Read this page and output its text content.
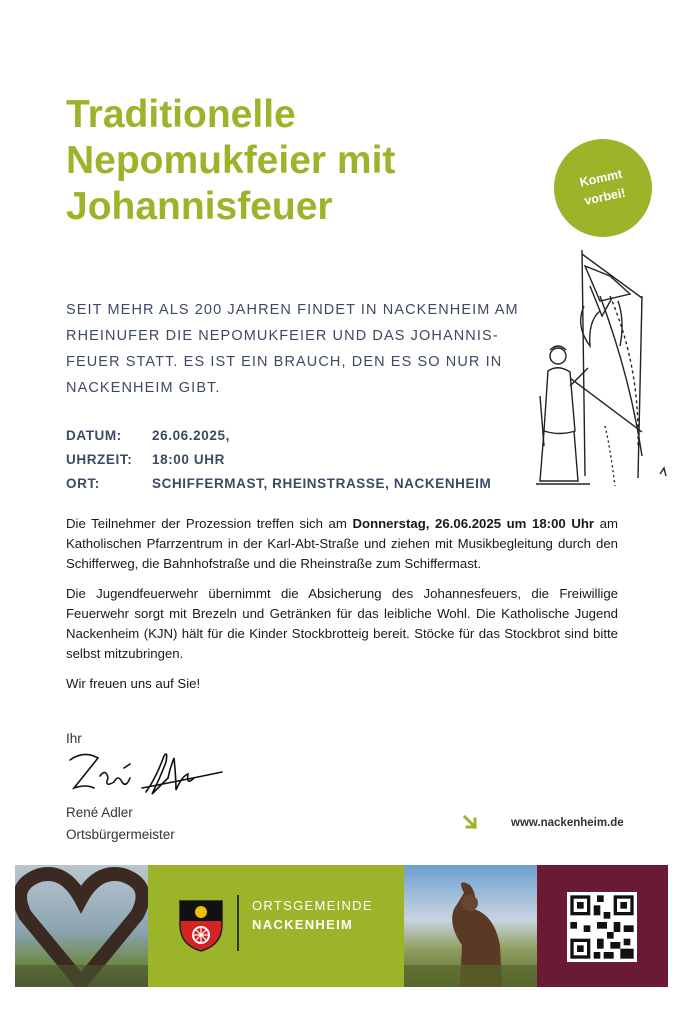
Traditionelle
Nepomukfeier mit
Johannisfeuer
Kommt
vorbei!
SEIT MEHR ALS 200 JAHREN FINDET IN NACKENHEIM AM
RHEINUFER DIE NEPOMUKFEIER UND DAS JOHANNIS-
FEUER STATT. ES IST EIN BRAUCH, DEN ES SO NUR IN
NACKENHEIM GIBT.
DATUM: 26.06.2025,
UHRZEIT: 18:00 UHR
ORT:	SCHIFFERMAST, RHEINSTRASSE, NACKENHEIM

Die Teilnehmer der Prozession treffen sich am Donnerstag, 26.06.2025 um 18:00 Uhr am Katholischen Pfarrzentrum in der Karl-Abt-Straße und ziehen mit Musikbegleitung durch den Schifferweg, die Bahnhofstraße und die Rheinstraße zum Schiffermast.

Die Jugendfeuerwehr übernimmt die Absicherung des Johannesfeuers, die Freiwillige Feuerwehr sorgt mit Brezeln und Getränken für das leibliche Wohl. Die Katholische Jugend Nackenheim (KJN) hält für die Kinder Stockbrotteig bereit. Stöcke für das Stockbrot sind bitte selbst mitzubringen.

Wir freuen uns auf Sie!

Ihr
René Adler
Ortsbürgermeister
www.nackenheim.de
ORTSGEMEINDE
NACKENHEIM
